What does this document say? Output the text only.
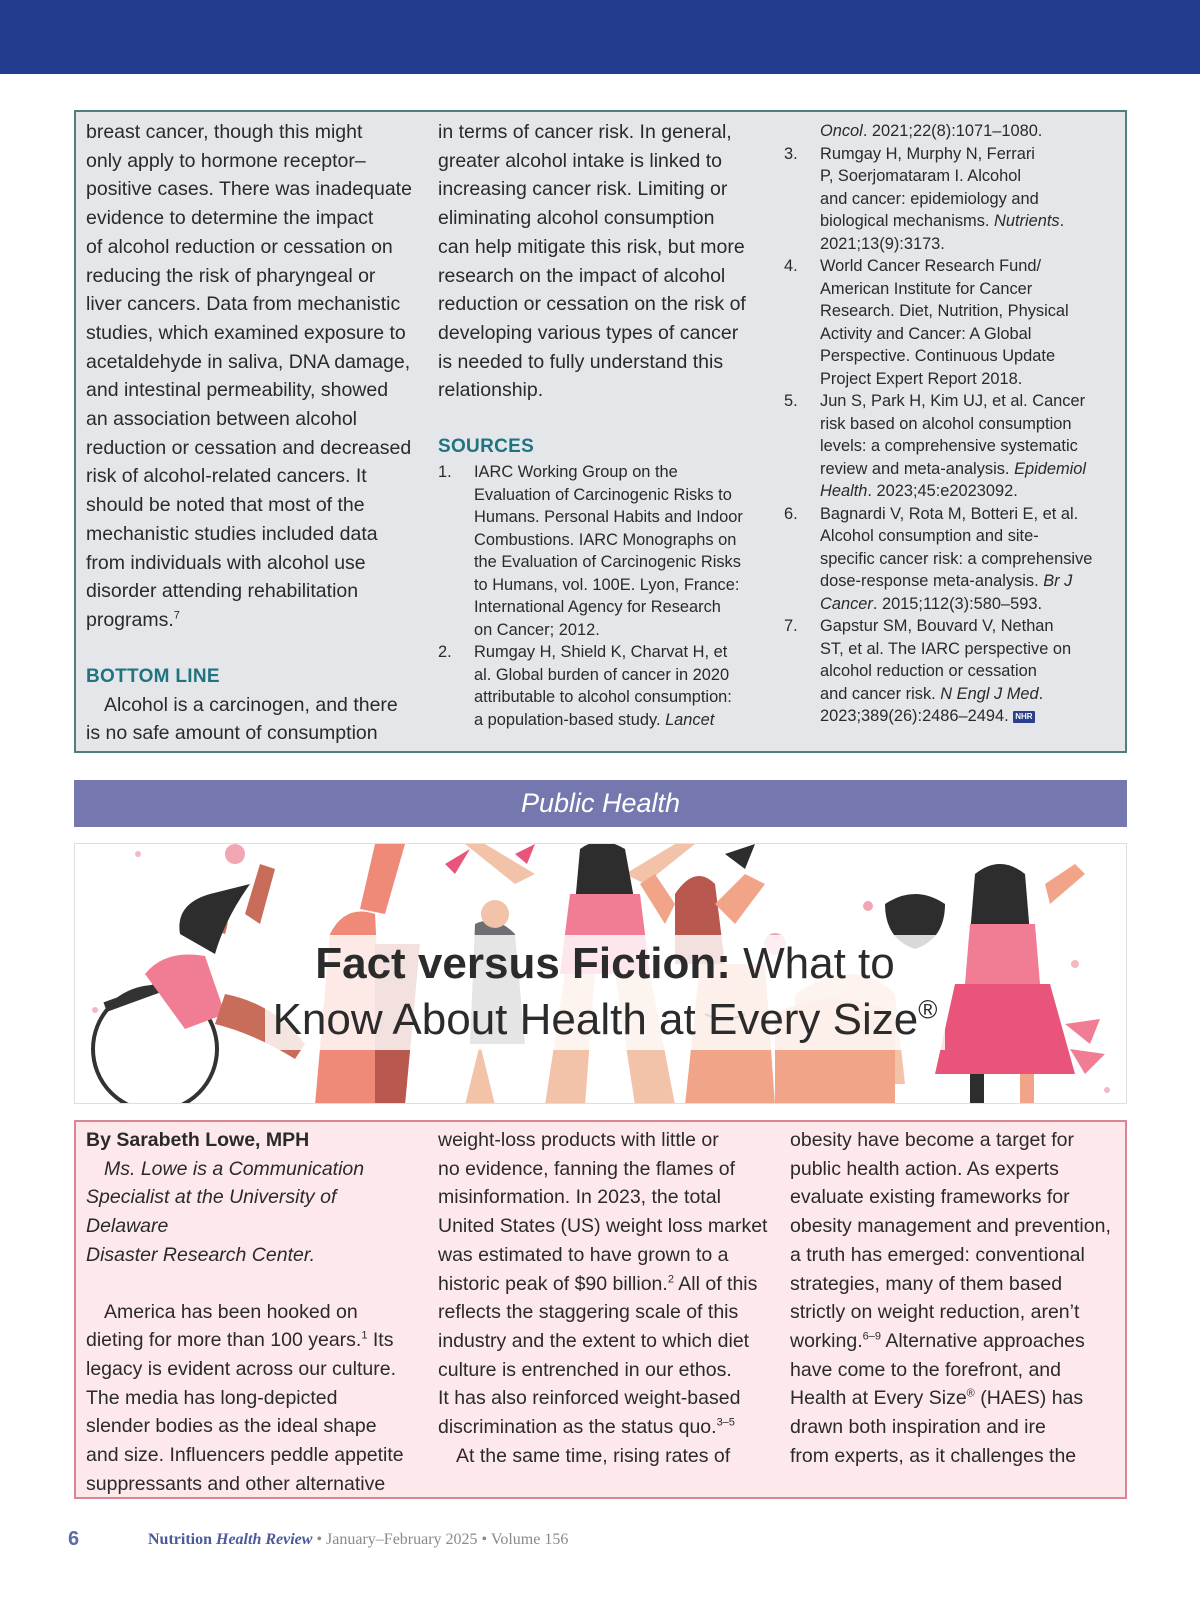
breast cancer, though this might

only apply to hormone receptor–

positive cases. There was inadequate

evidence to determine the impact

of alcohol reduction or cessation on

reducing the risk of pharyngeal or

liver cancers. Data from mechanistic

studies, which examined exposure to

acetaldehyde in saliva, DNA damage,

and intestinal permeability, showed

an association between alcohol

reduction or cessation and decreased

risk of alcohol-related cancers. It

should be noted that most of the

mechanistic studies included data

from individuals with alcohol use

disorder attending rehabilitation

programs.$^7$

BOTTOM LINE

Alcohol is a carcinogen, and there

is no safe amount of consumption

in terms of cancer risk. In general,

greater alcohol intake is linked to

increasing cancer risk. Limiting or

eliminating alcohol consumption

can help mitigate this risk, but more

research on the impact of alcohol

reduction or cessation on the risk of

developing various types of cancer

is needed to fully understand this

relationship.

SOURCES

1. IARC Working Group on the
Evaluation of Carcinogenic Risks to
Humans. Personal Habits and Indoor
Combustions. IARC Monographs on
the Evaluation of Carcinogenic Risks
to Humans, vol. 100E. Lyon, France:
International Agency for Research
on Cancer; 2012.
2. Rumgay H, Shield K, Charvat H, et
al. Global burden of cancer in 2020
attributable to alcohol consumption:
a population-based study. Lancet
Oncol. 2021;22(8):1071–1080.
3. Rumgay H, Murphy N, Ferrari
P, Soerjomataram I. Alcohol
and cancer: epidemiology and
biological mechanisms. Nutrients.
2021;13(9):3173.
4. World Cancer Research Fund/
American Institute for Cancer
Research. Diet, Nutrition, Physical
Activity and Cancer: A Global
Perspective. Continuous Update
Project Expert Report 2018.
5. Jun S, Park H, Kim UJ, et al. Cancer
risk based on alcohol consumption
levels: a comprehensive systematic
review and meta-analysis. Epidemiol
Health. 2023;45:e2023092.
6. Bagnardi V, Rota M, Botteri E, et al.
Alcohol consumption and site-
specific cancer risk: a comprehensive
dose-response meta-analysis. Br J
Cancer. 2015;112(3):580–593.
7. Gapstur SM, Bouvard V, Nethan
ST, et al. The IARC perspective on
alcohol reduction or cessation
and cancer risk. N Engl J Med.
2023;389(26):2486–2494. NHR
Public Health
Fact versus Fiction: What to
Know About Health at Every Size®

By Sarabeth Lowe, MPH

Ms. Lowe is a Communication

Specialist at the University of Delaware

Disaster Research Center.

America has been hooked on

dieting for more than 100 years.$^1$ Its

legacy is evident across our culture.

The media has long-depicted

slender bodies as the ideal shape

and size. Influencers peddle appetite

suppressants and other alternative

weight-loss products with little or

no evidence, fanning the flames of

misinformation. In 2023, the total

United States (US) weight loss market

was estimated to have grown to a

historic peak of $90 billion.$^2$ All of this

reflects the staggering scale of this

industry and the extent to which diet

culture is entrenched in our ethos.

It has also reinforced weight-based

discrimination as the status quo.$^{3-5}$

At the same time, rising rates of

obesity have become a target for

public health action. As experts

evaluate existing frameworks for

obesity management and prevention,

a truth has emerged: conventional

strategies, many of them based

strictly on weight reduction, aren’t

working.$^{6-9}$ Alternative approaches

have come to the forefront, and

Health at Every Size® (HAES) has

drawn both inspiration and ire

from experts, as it challenges the

6	Nutrition Health Review • January–February 2025 • Volume 156
